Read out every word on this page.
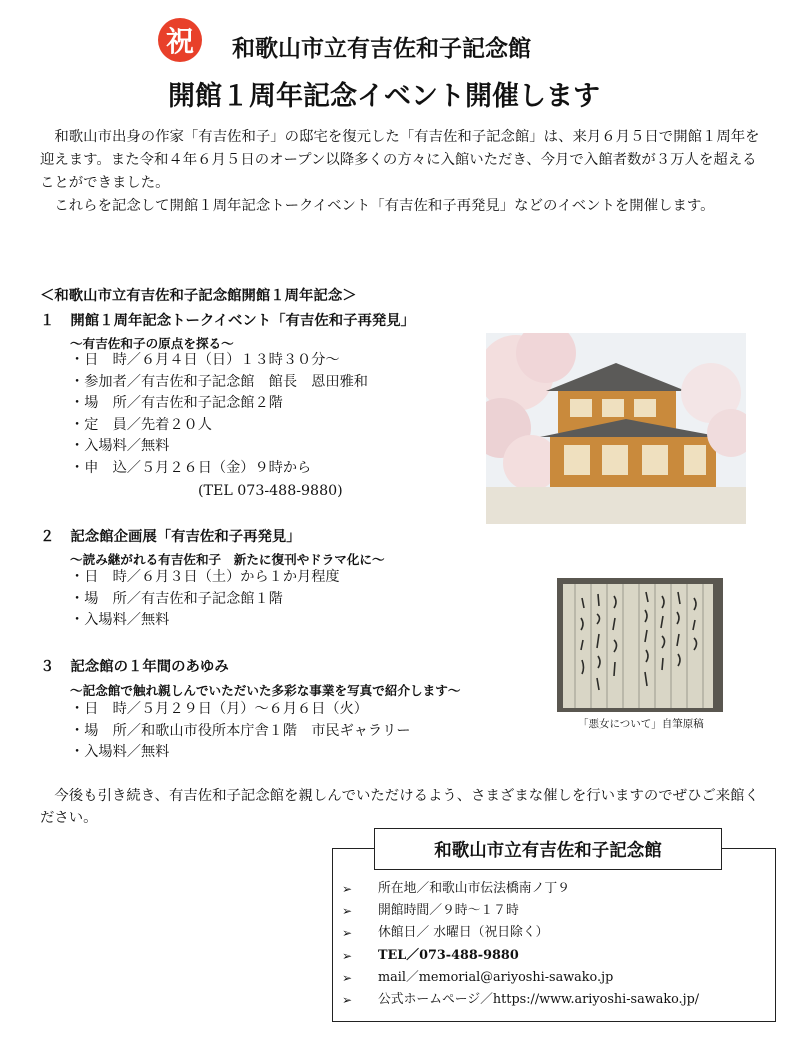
祝 和歌山市立有吉佐和子記念館
開館１周年記念イベント開催します

和歌山市出身の作家「有吉佐和子」の邸宅を復元した「有吉佐和子記念館」は、来月６月５日で開館１周年を迎えます。また令和４年６月５日のオープン以降多くの方々に入館いただき、今月で入館者数が３万人を超えることができました。

これらを記念して開館１周年記念トークイベント「有吉佐和子再発見」などのイベントを開催します。

＜和歌山市立有吉佐和子記念館開館１周年記念＞
１ 開館１周年記念トークイベント「有吉佐和子再発見」
～有吉佐和子の原点を探る～
・日　時／６月４日（日）１３時３０分～
・参加者／有吉佐和子記念館　館長　恩田雅和
・場　所／有吉佐和子記念館２階
・定　員／先着２０人
・入場料／無料
・申　込／５月２６日（金）９時から
(TEL 073-488-9880)
２ 記念館企画展「有吉佐和子再発見」
～読み継がれる有吉佐和子　新たに復刊やドラマ化に～
・日　時／６月３日（土）から１か月程度
・場　所／有吉佐和子記念館１階
・入場料／無料
「悪女について」自筆原稿
３ 記念館の１年間のあゆみ
～記念館で触れ親しんでいただいた多彩な事業を写真で紹介します～
・日　時／５月２９日（月）～６月６日（火）
・場　所／和歌山市役所本庁舎１階　市民ギャラリー
・入場料／無料

今後も引き続き、有吉佐和子記念館を親しんでいただけるよう、さまざまな催しを行いますのでぜひご来館ください。

和歌山市立有吉佐和子記念館
➢	所在地／和歌山市伝法橋南ノ丁９
➢	開館時間／９時～１７時
➢	休館日／ 水曜日（祝日除く）
➢	TEL／073-488-9880
➢	mail／memorial@ariyoshi-sawako.jp
➢	公式ホームページ／https://www.ariyoshi-sawako.jp/
